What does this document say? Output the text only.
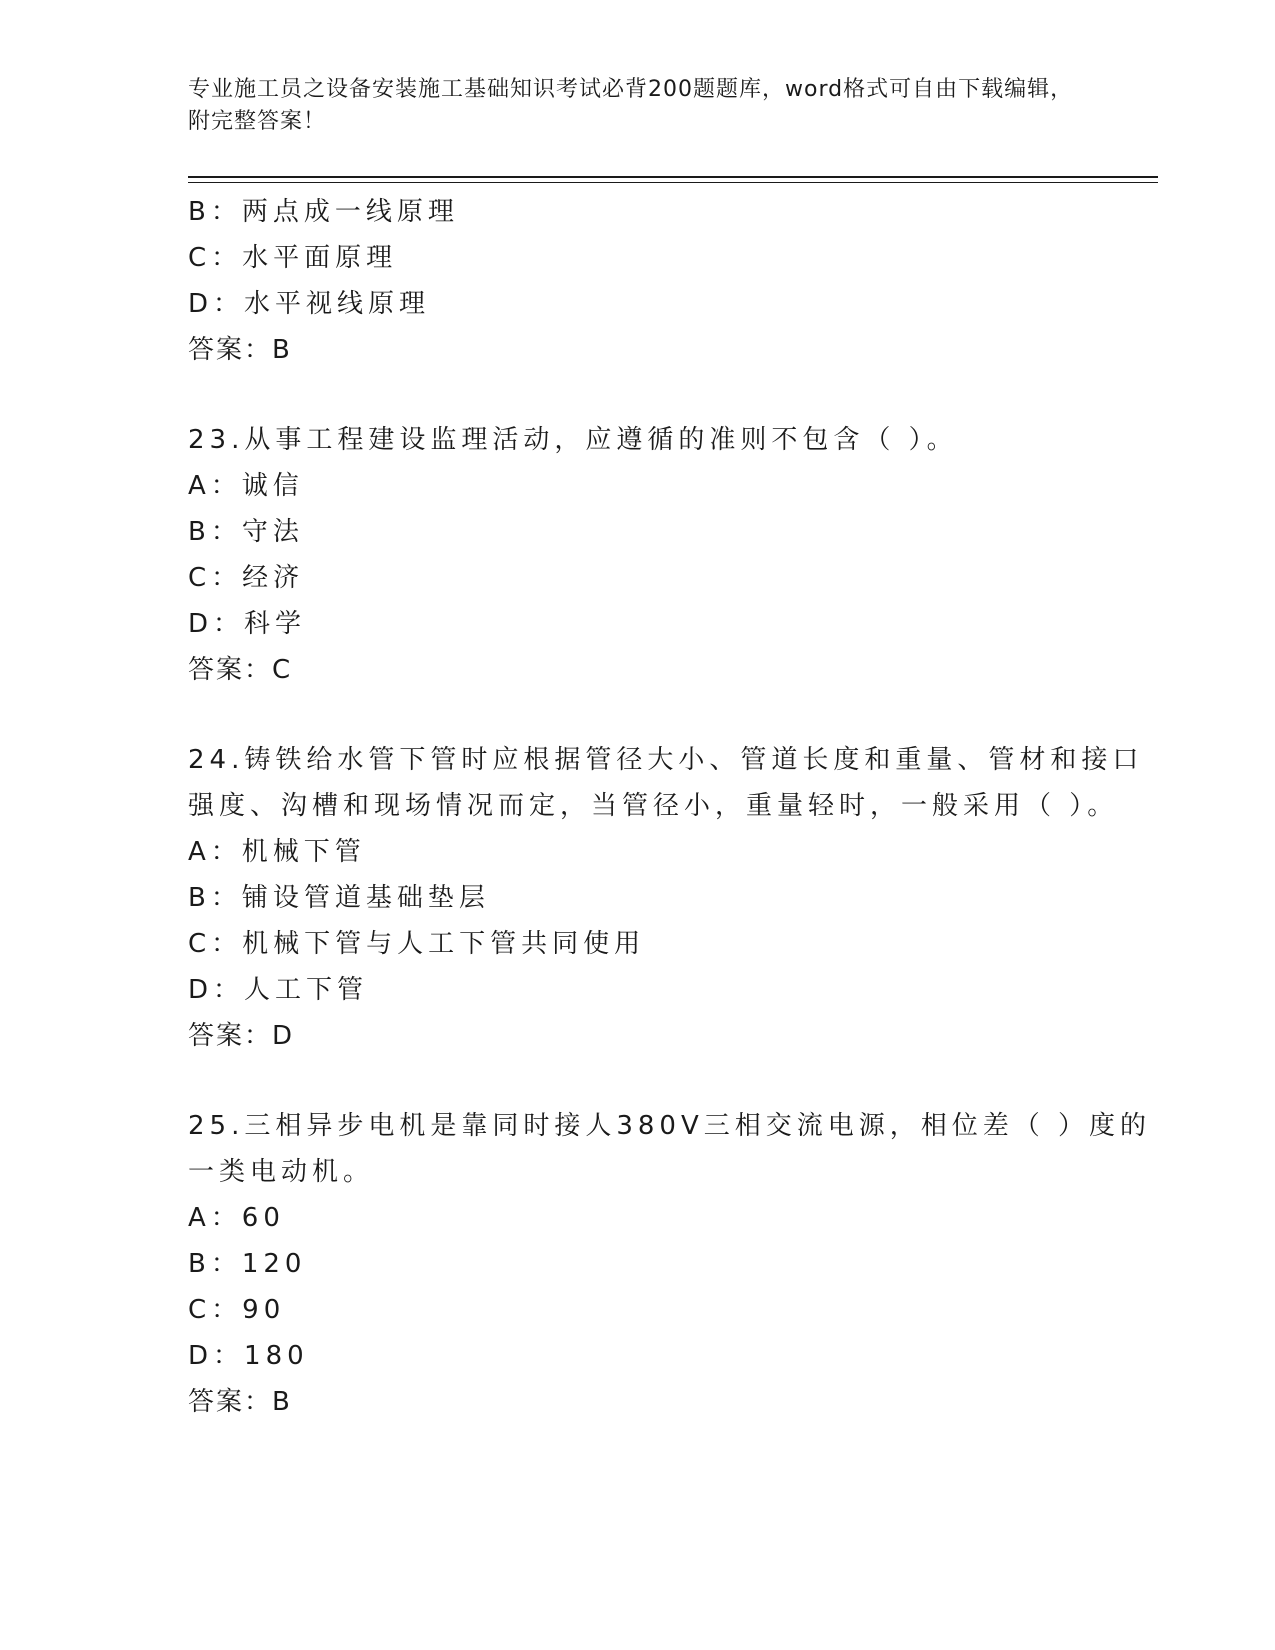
专业施工员之设备安装施工基础知识考试必背200题题库，word格式可自由下载编辑，附完整答案！
B：两点成一线原理
C：水平面原理
D：水平视线原理
答案：B
23.从事工程建设监理活动，应遵循的准则不包含（ ）。
A：诚信
B：守法
C：经济
D：科学
答案：C
24.铸铁给水管下管时应根据管径大小、管道长度和重量、管材和接口
强度、沟槽和现场情况而定，当管径小，重量轻时，一般采用（ ）。
A：机械下管
B：铺设管道基础垫层
C：机械下管与人工下管共同使用
D：人工下管
答案：D
25.三相异步电机是靠同时接人380V三相交流电源，相位差（ ）度的
一类电动机。
A：60
B：120
C：90
D：180
答案：B
